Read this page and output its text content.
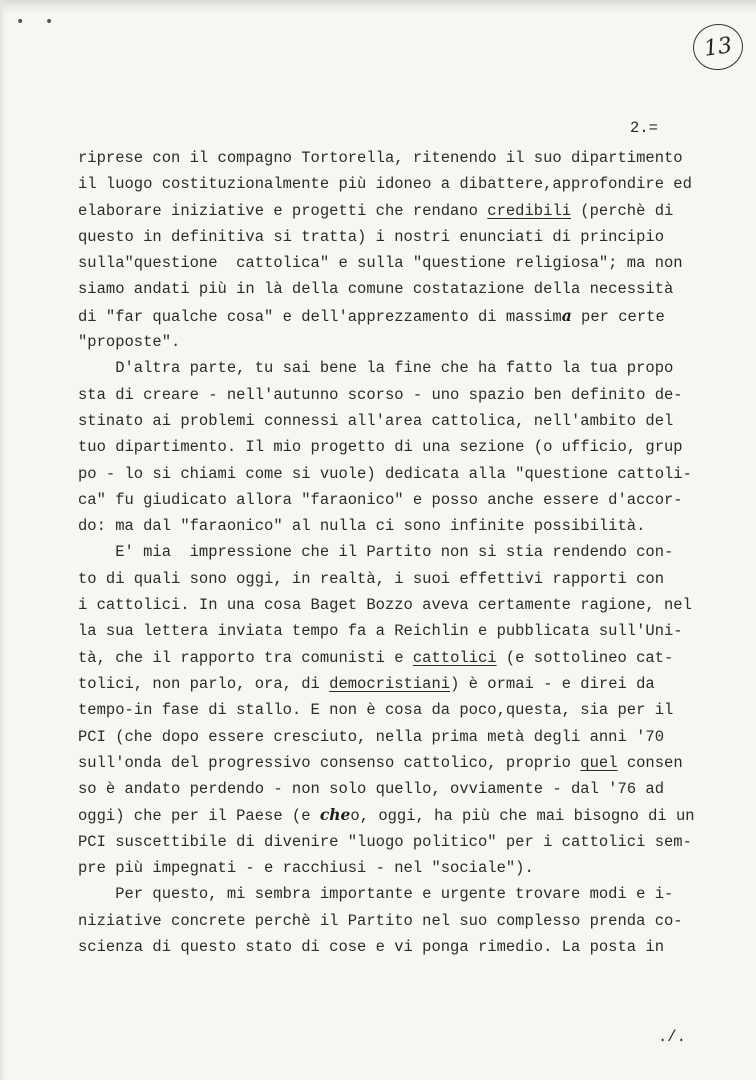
• •
13
2.=
riprese con il compagno Tortorella, ritenendo il suo dipartimento
il luogo costituzionalmente più idoneo a dibattere,approfondire ed
elaborare iniziative e progetti che rendano credibili (perchè di
questo in definitiva si tratta) i nostri enunciati di principio
sulla"questione  cattolica" e sulla "questione religiosa"; ma non
siamo andati più in là della comune costatazione della necessità
di "far qualche cosa" e dell'apprezzamento di massima per certe
"proposte".
D'altra parte, tu sai bene la fine che ha fatto la tua propo
sta di creare - nell'autunno scorso - uno spazio ben definito de-
stinato ai problemi connessi all'area cattolica, nell'ambito del
tuo dipartimento. Il mio progetto di una sezione (o ufficio, grup
po - lo si chiami come si vuole) dedicata alla "questione cattoli-
ca" fu giudicato allora "faraonico" e posso anche essere d'accor-
do: ma dal "faraonico" al nulla ci sono infinite possibilità.
E' mia  impressione che il Partito non si stia rendendo con-
to di quali sono oggi, in realtà, i suoi effettivi rapporti con
i cattolici. In una cosa Baget Bozzo aveva certamente ragione, nel
la sua lettera inviata tempo fa a Reichlin e pubblicata sull'Uni-
tà, che il rapporto tra comunisti e cattolici (e sottolineo cat-
tolici, non parlo, ora, di democristiani) è ormai - e direi da
tempo-in fase di stallo. E non è cosa da poco,questa, sia per il
PCI (che dopo essere cresciuto, nella prima metà degli anni '70
sull'onda del progressivo consenso cattolico, proprio quel consen
so è andato perdendo - non solo quello, ovviamente - dal '76 ad
oggi) che per il Paese (e cheo, oggi, ha più che mai bisogno di un
PCI suscettibile di divenire "luogo politico" per i cattolici sem-
pre più impegnati - e racchiusi - nel "sociale").
Per questo, mi sembra importante e urgente trovare modi e i-
niziative concrete perchè il Partito nel suo complesso prenda co-
scienza di questo stato di cose e vi ponga rimedio. La posta in
./.
